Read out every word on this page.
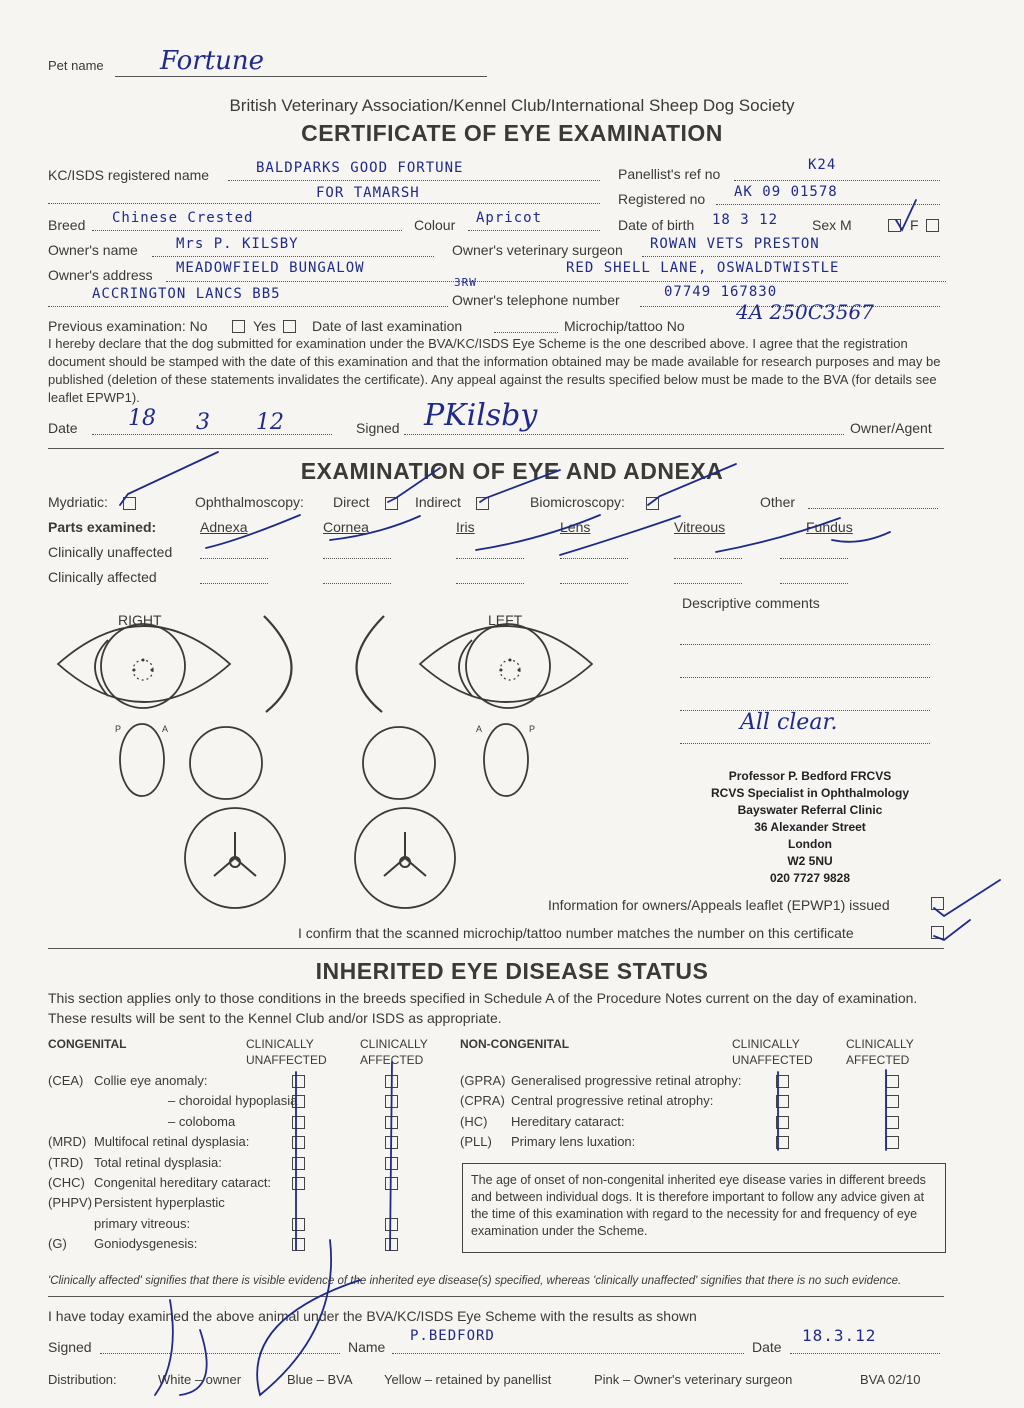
Pet name Fortune
British Veterinary Association/Kennel Club/International Sheep Dog Society
CERTIFICATE OF EYE EXAMINATION
KC/ISDS registered name	BALDPARKS GOOD FORTUNE
FOR TAMARSH
Panellist's ref no
K24
Registered no AK 09 01578
Breed Chinese Crested	Colour Apricot	Date of birth 18 3 12 Sex M	F
Owner's name	Mrs P. KILSBY	Owner's veterinary surgeon ROWAN VETS PRESTON
Owner's address MEADOWFIELD BUNGALOW	RED SHELL LANE, OSWALDTWISTLE
ACCRINGTON LANCS BB5
3RW
Owner's telephone number	07749 167830
Previous examination: No	Yes	Date of last examination	Microchip/tattoo No
4A 250C3567
I hereby declare that the dog submitted for examination under the BVA/KC/ISDS Eye Scheme is the one described above. I agree that the registration document should be stamped with the date of this examination and that the information obtained may be made available for research purposes and may be published (deletion of these statements invalidates the certificate). Any appeal against the results specified below must be made to the BVA (for details see leaflet EPWP1).
Date 18 3 12	Signed PKilsby	Owner/Agent
EXAMINATION OF EYE AND ADNEXA
Mydriatic:	Ophthalmoscopy: Direct	Indirect	Biomicroscopy:	Other
Parts examined:	Adnexa	Cornea	Iris	Lens	Vitreous	Fundus
Clinically unaffected
Clinically affected
RIGHT	LEFT
P	A	A	P
Descriptive comments
All clear.
Professor P. Bedford FRCVS
RCVS Specialist in Ophthalmology
Bayswater Referral Clinic
36 Alexander Street
London
W2 5NU
020 7727 9828
Information for owners/Appeals leaflet (EPWP1) issued
I confirm that the scanned microchip/tattoo number matches the number on this certificate
INHERITED EYE DISEASE STATUS
This section applies only to those conditions in the breeds specified in Schedule A of the Procedure Notes current on the day of examination. These results will be sent to the Kennel Club and/or ISDS as appropriate.
CONGENITAL	CLINICALLY
UNAFFECTED
CLINICALLY
AFFECTED
NON-CONGENITAL	CLINICALLY
UNAFFECTED
CLINICALLY
AFFECTED
(CEA) Collie eye anomaly:
– choroidal hypoplasia
– coloboma
(MRD) Multifocal retinal dysplasia:
(TRD) Total retinal dysplasia:
(CHC) Congenital hereditary cataract:
(PHPV) Persistent hyperplastic
primary vitreous:
(G) Goniodysgenesis:
(GPRA) Generalised progressive retinal atrophy:
(CPRA) Central progressive retinal atrophy:
(HC) Hereditary cataract:
(PLL) Primary lens luxation:
The age of onset of non-congenital inherited eye disease varies in different breeds and between individual dogs. It is therefore important to follow any advice given at the time of this examination with regard to the necessity for and frequency of eye examination under the Scheme.
'Clinically affected' signifies that there is visible evidence of the inherited eye disease(s) specified, whereas 'clinically unaffected' signifies that there is no such evidence.
I have today examined the above animal under the BVA/KC/ISDS Eye Scheme with the results as shown
Signed	Name
P.BEDFORD
Date
18.3.12
Distribution:	White – owner	Blue – BVA Yellow – retained by panellist	Pink – Owner's veterinary surgeon	BVA 02/10
